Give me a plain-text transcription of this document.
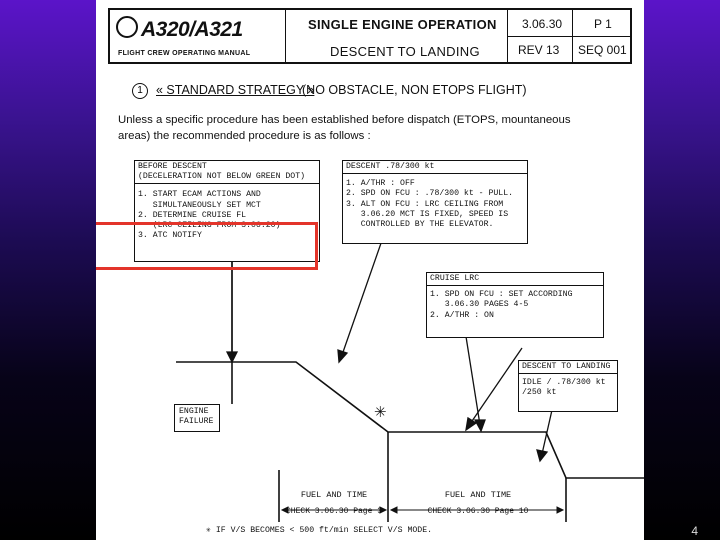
A320/A321
FLIGHT CREW OPERATING MANUAL
SINGLE ENGINE OPERATION
DESCENT TO LANDING
3.06.30	P 1
REV 13 SEQ 001
1	« STANDARD STRATEGY »
(NO OBSTACLE, NON ETOPS FLIGHT)
Unless a specific procedure has been established before dispatch (ETOPS, mountaneous
areas) the recommended procedure is as follows :
BEFORE DESCENT
(DECELERATION NOT BELOW GREEN DOT)
1. START ECAM ACTIONS AND
SIMULTANEOUSLY SET MCT
2. DETERMINE CRUISE FL
(LRC CEILING FROM 3.06.20)
3. ATC NOTIFY
DESCENT .78/300 kt
1. A/THR : OFF
2. SPD ON FCU : .78/300 kt - PULL.
3. ALT ON FCU : LRC CEILING FROM
3.06.20 MCT IS FIXED, SPEED IS
CONTROLLED BY THE ELEVATOR.
CRUISE LRC
1. SPD ON FCU : SET ACCORDING
3.06.30 PAGES 4-5
2. A/THR : ON
DESCENT TO LANDING
IDLE / .78/300 kt
/250 kt
ENGINE
FAILURE
✳
FUEL AND TIME
CHECK 3.06.30 Page 3
FUEL AND TIME
CHECK 3.06.30 Page 10
✳ IF V/S BECOMES < 500 ft/min SELECT V/S MODE.	4
